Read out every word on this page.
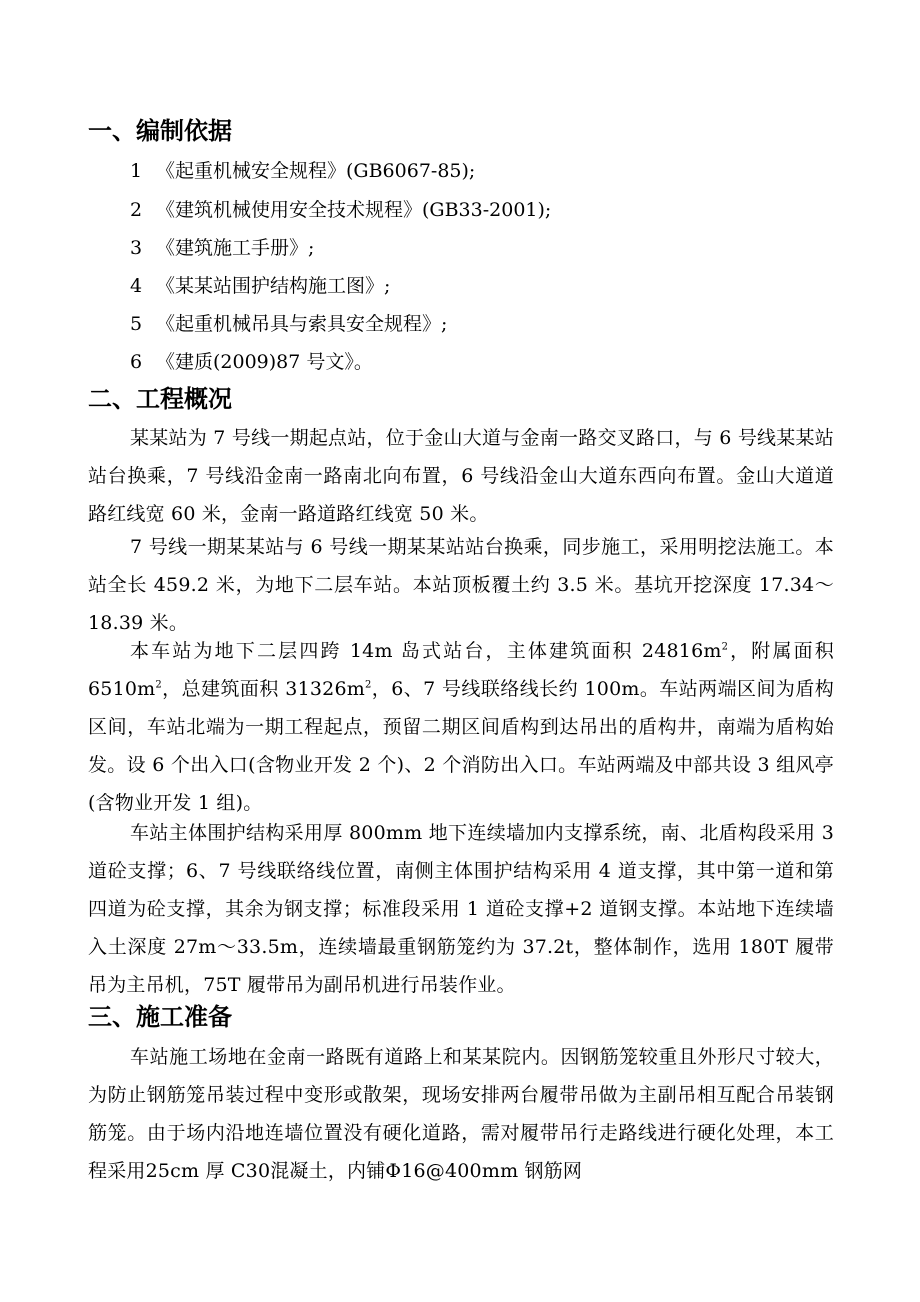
一、编制依据
1 《起重机械安全规程》(GB6067-85);
2 《建筑机械使用安全技术规程》(GB33-2001);
3 《建筑施工手册》;
4 《某某站围护结构施工图》;
5 《起重机械吊具与索具安全规程》;
6 《建质(2009)87 号文》。
二、工程概况

某某站为 7 号线一期起点站，位于金山大道与金南一路交叉路口，与 6 号线某某站站台换乘，7 号线沿金南一路南北向布置，6 号线沿金山大道东西向布置。金山大道道路红线宽 60 米，金南一路道路红线宽 50 米。

7 号线一期某某站与 6 号线一期某某站站台换乘，同步施工，采用明挖法施工。本站全长 459.2 米，为地下二层车站。本站顶板覆土约 3.5 米。基坑开挖深度 17.34～18.39 米。

本车站为地下二层四跨 14m 岛式站台，主体建筑面积 $24816m^2$，附属面积 $6510m^2$，总建筑面积 $31326m^2$，6、7 号线联络线长约 100m。车站两端区间为盾构区间，车站北端为一期工程起点，预留二期区间盾构到达吊出的盾构井，南端为盾构始发。设 6 个出入口(含物业开发 2 个)、2 个消防出入口。车站两端及中部共设 3 组风亭(含物业开发 1 组)。

车站主体围护结构采用厚 800mm 地下连续墙加内支撑系统，南、北盾构段采用 3 道砼支撑；6、7 号线联络线位置，南侧主体围护结构采用 4 道支撑，其中第一道和第四道为砼支撑，其余为钢支撑；标准段采用 1 道砼支撑+2 道钢支撑。本站地下连续墙入土深度 27m～33.5m，连续墙最重钢筋笼约为 37.2t，整体制作，选用 180T 履带吊为主吊机，75T 履带吊为副吊机进行吊装作业。

三、施工准备

车站施工场地在金南一路既有道路上和某某院内。因钢筋笼较重且外形尺寸较大，为防止钢筋笼吊装过程中变形或散架，现场安排两台履带吊做为主副吊相互配合吊装钢筋笼。由于场内沿地连墙位置没有硬化道路，需对履带吊行走路线进行硬化处理，本工程采用25cm 厚 C30混凝土，内铺Φ16@400mm 钢筋网
